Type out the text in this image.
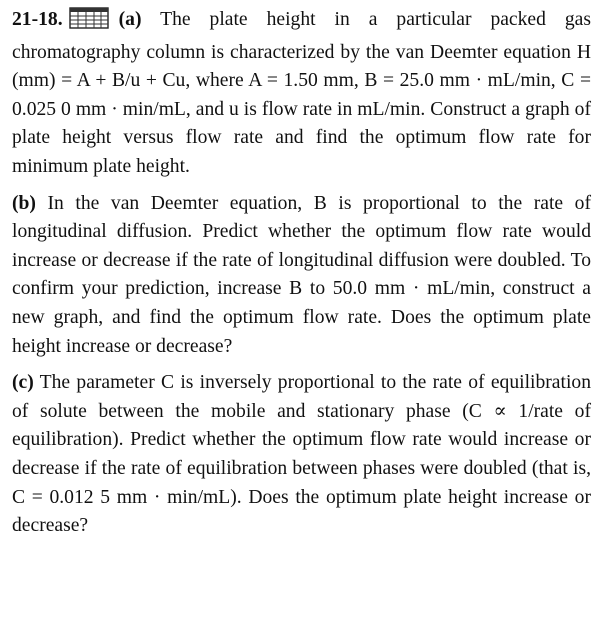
21-18.	(a) The plate height in a particular packed gas chromatography column is characterized by the van Deemter equation H (mm) = A + B/u + Cu, where A = 1.50 mm, B = 25.0 mm · mL/min, C = 0.025 0 mm · min/mL, and u is flow rate in mL/min. Construct a graph of plate height versus flow rate and find the optimum flow rate for minimum plate height.

(b) In the van Deemter equation, B is proportional to the rate of longitudinal diffusion. Predict whether the optimum flow rate would increase or decrease if the rate of longitudinal diffusion were doubled. To confirm your prediction, increase B to 50.0 mm · mL/min, construct a new graph, and find the optimum flow rate. Does the optimum plate height increase or decrease?

(c) The parameter C is inversely proportional to the rate of equilibration of solute between the mobile and stationary phase (C ∝ 1/rate of equilibration). Predict whether the optimum flow rate would increase or decrease if the rate of equilibration between phases were doubled (that is, C = 0.012 5 mm · min/mL). Does the optimum plate height increase or decrease?
